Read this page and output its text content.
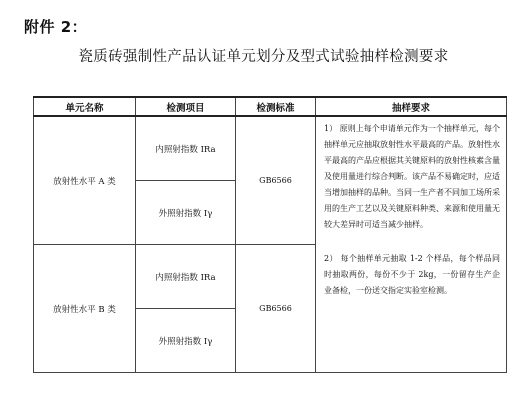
附件 2：
瓷质砖强制性产品认证单元划分及型式试验抽样检测要求
单元名称	检测项目	检测标准	抽样要求
放射性水平 A 类	内照射指数 IRa	GB6566	1） 原则上每个申请单元作为一个抽样单元，每个抽样单元应抽取放射性水平最高的产品。放射性水平最高的产品应根据其关键原料的放射性核素含量及使用量进行综合判断。该产品不易确定时，应适当增加抽样的品种。当同一生产者不同加工场所采用的生产工艺以及关键原料种类、来源和使用量无较大差异时可适当减少抽样。

2） 每个抽样单元抽取 1-2 个样品，每个样品同时抽取两份，每份不少于 2kg，一份留存生产企业备检，一份送交指定实验室检测。

	外照射指数 Iγ		
放射性水平 B 类	内照射指数 IRa	GB6566	
	外照射指数 Iγ		
